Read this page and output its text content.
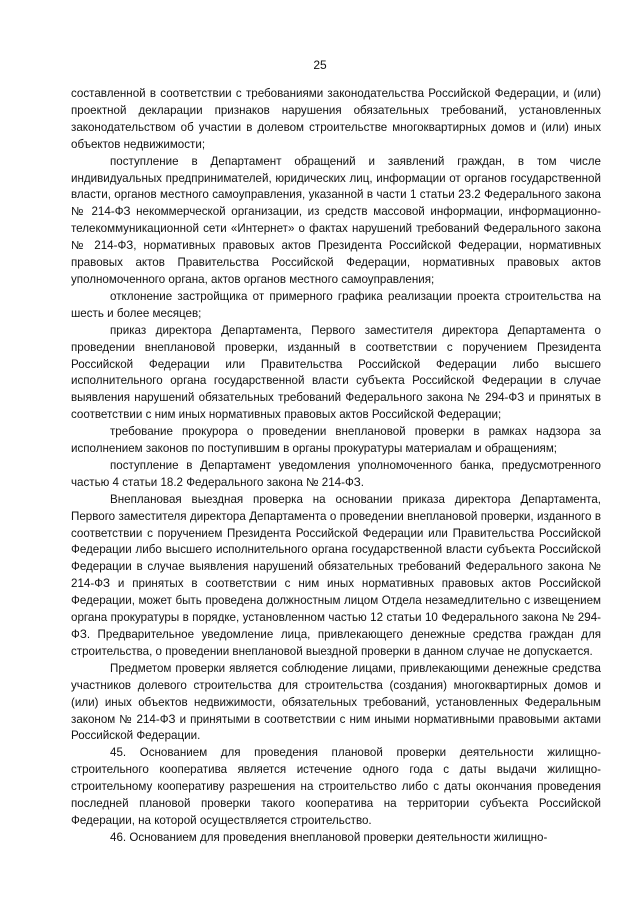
25

составленной в соответствии с требованиями законодательства Российской Федерации, и (или) проектной декларации признаков нарушения обязательных требований, установленных законодательством об участии в долевом строительстве многоквартирных домов и (или) иных объектов недвижимости;

поступление в Департамент обращений и заявлений граждан, в том числе индивидуальных предпринимателей, юридических лиц, информации от органов государственной власти, органов местного самоуправления, указанной в части 1 статьи 23.2 Федерального закона № 214-ФЗ некоммерческой организации, из средств массовой информации, информационно-телекоммуникационной сети «Интернет» о фактах нарушений требований Федерального закона № 214-ФЗ, нормативных правовых актов Президента Российской Федерации, нормативных правовых актов Правительства Российской Федерации, нормативных правовых актов уполномоченного органа, актов органов местного самоуправления;

отклонение застройщика от примерного графика реализации проекта строительства на шесть и более месяцев;

приказ директора Департамента, Первого заместителя директора Департамента о проведении внеплановой проверки, изданный в соответствии с поручением Президента Российской Федерации или Правительства Российской Федерации либо высшего исполнительного органа государственной власти субъекта Российской Федерации в случае выявления нарушений обязательных требований Федерального закона № 294-ФЗ и принятых в соответствии с ним иных нормативных правовых актов Российской Федерации;

требование прокурора о проведении внеплановой проверки в рамках надзора за исполнением законов по поступившим в органы прокуратуры материалам и обращениям;

поступление в Департамент уведомления уполномоченного банка, предусмотренного частью 4 статьи 18.2 Федерального закона № 214-ФЗ.

Внеплановая выездная проверка на основании приказа директора Департамента, Первого заместителя директора Департамента о проведении внеплановой проверки, изданного в соответствии с поручением Президента Российской Федерации или Правительства Российской Федерации либо высшего исполнительного органа государственной власти субъекта Российской Федерации в случае выявления нарушений обязательных требований Федерального закона № 214-ФЗ и принятых в соответствии с ним иных нормативных правовых актов Российской Федерации, может быть проведена должностным лицом Отдела незамедлительно с извещением органа прокуратуры в порядке, установленном частью 12 статьи 10 Федерального закона № 294-ФЗ. Предварительное уведомление лица, привлекающего денежные средства граждан для строительства, о проведении внеплановой выездной проверки в данном случае не допускается.

Предметом проверки является соблюдение лицами, привлекающими денежные средства участников долевого строительства для строительства (создания) многоквартирных домов и (или) иных объектов недвижимости, обязательных требований, установленных Федеральным законом № 214-ФЗ и принятыми в соответствии с ним иными нормативными правовыми актами Российской Федерации.

45. Основанием для проведения плановой проверки деятельности жилищно-строительного кооператива является истечение одного года с даты выдачи жилищно-строительному кооперативу разрешения на строительство либо с даты окончания проведения последней плановой проверки такого кооператива на территории субъекта Российской Федерации, на которой осуществляется строительство.

46. Основанием для проведения внеплановой проверки деятельности жилищно-
